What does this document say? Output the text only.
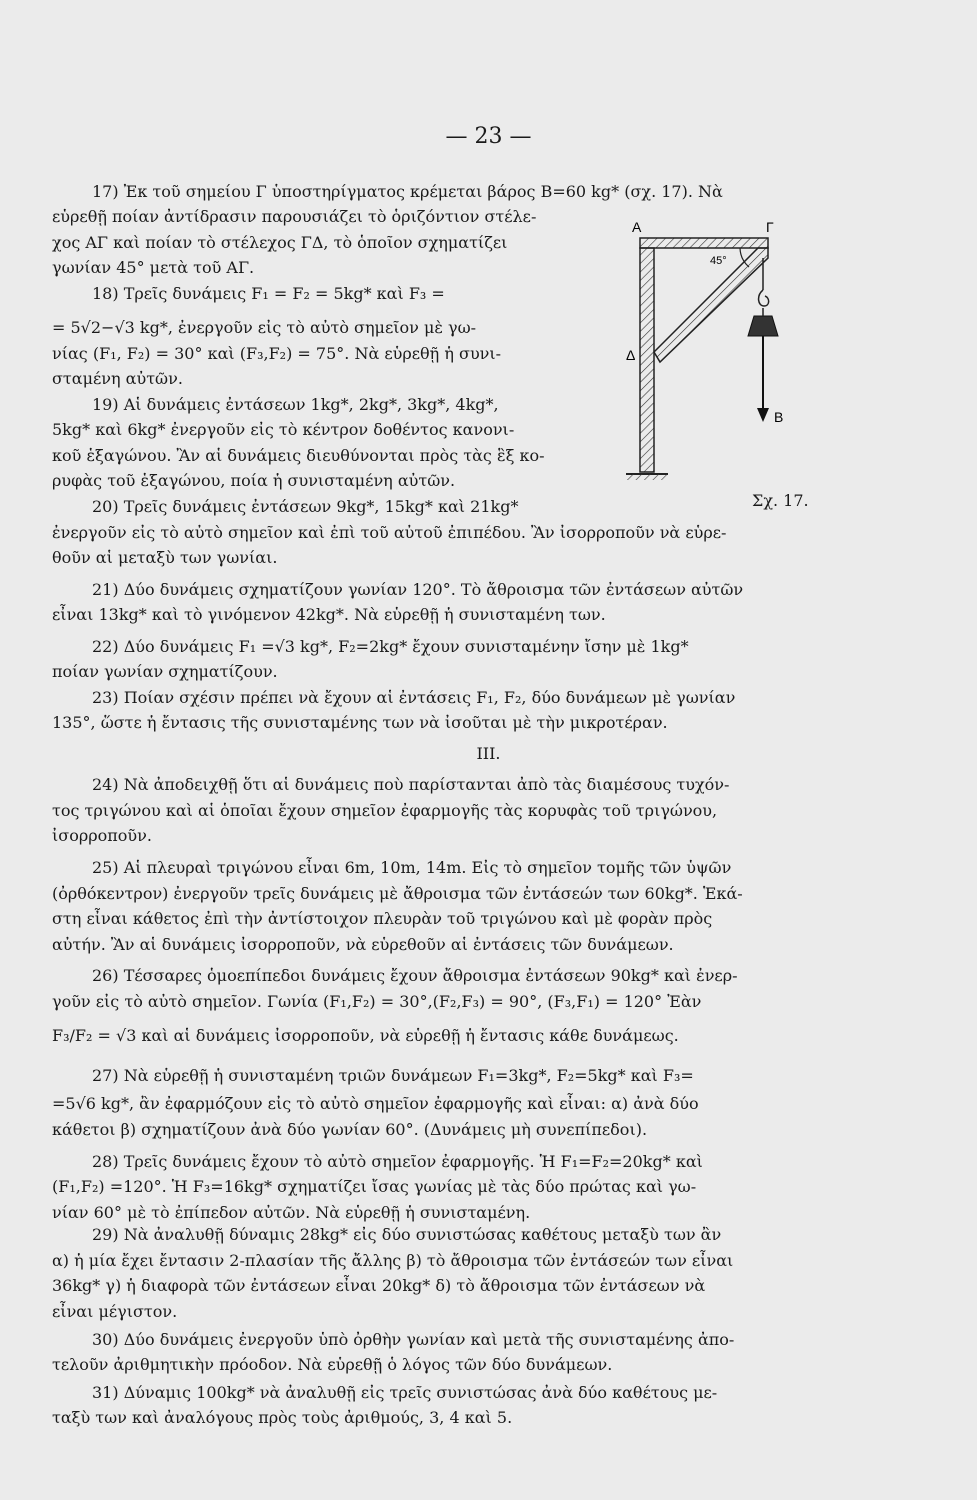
— 23 —
17) Ἐκ τοῦ σημείου Γ ὑποστηρίγματος κρέμεται βάρος Β=60 kg* (σχ. 17). Νὰ
εὑρεθῇ ποίαν ἀντίδρασιν παρουσιάζει τὸ ὁριζόντιον στέλε-
χος ΑΓ καὶ ποίαν τὸ στέλεχος ΓΔ, τὸ ὁποῖον σχηματίζει
γωνίαν 45° μετὰ τοῦ ΑΓ.
18) Τρεῖς δυνάμεις F₁ = F₂ = 5kg* καὶ F₃ =
= 5√2−√3 kg*, ἐνεργοῦν εἰς τὸ αὐτὸ σημεῖον μὲ γω-
νίας (F₁, F₂) = 30° καὶ (F₃,F₂) = 75°. Νὰ εὑρεθῇ ἡ συνι-
σταμένη αὐτῶν.
19) Αἱ δυνάμεις ἐντάσεων 1kg*, 2kg*, 3kg*, 4kg*,
5kg* καὶ 6kg* ἐνεργοῦν εἰς τὸ κέντρον δοθέντος κανονι-
κοῦ ἑξαγώνου. Ἂν αἱ δυνάμεις διευθύνονται πρὸς τὰς ἓξ κο-
ρυφὰς τοῦ ἑξαγώνου, ποία ἡ συνισταμένη αὐτῶν.
20) Τρεῖς δυνάμεις ἐντάσεων 9kg*, 15kg* καὶ 21kg*
ἐνεργοῦν εἰς τὸ αὐτὸ σημεῖον καὶ ἐπὶ τοῦ αὐτοῦ ἐπιπέδου. Ἂν ἰσορροποῦν νὰ εὑρε-
θοῦν αἱ μεταξὺ των γωνίαι.
21) Δύο δυνάμεις σχηματίζουν γωνίαν 120°. Τὸ ἄθροισμα τῶν ἐντάσεων αὐτῶν
εἶναι 13kg* καὶ τὸ γινόμενον 42kg*. Νὰ εὑρεθῇ ἡ συνισταμένη των.
22) Δύο δυνάμεις F₁ =√3 kg*, F₂=2kg* ἔχουν συνισταμένην ἴσην μὲ 1kg*
ποίαν γωνίαν σχηματίζουν.
23) Ποίαν σχέσιν πρέπει νὰ ἔχουν αἱ ἐντάσεις F₁, F₂, δύο δυνάμεων μὲ γωνίαν
135°, ὥστε ἡ ἔντασις τῆς συνισταμένης των νὰ ἰσοῦται μὲ τὴν μικροτέραν.
ΙΙΙ.
24) Νὰ ἀποδειχθῇ ὅτι αἱ δυνάμεις ποὺ παρίστανται ἀπὸ τὰς διαμέσους τυχόν-
τος τριγώνου καὶ αἱ ὁποῖαι ἔχουν σημεῖον ἐφαρμογῆς τὰς κορυφὰς τοῦ τριγώνου,
ἰσορροποῦν.
25) Αἱ πλευραὶ τριγώνου εἶναι 6m, 10m, 14m. Εἰς τὸ σημεῖον τομῆς τῶν ὑψῶν
(ὀρθόκεντρον) ἐνεργοῦν τρεῖς δυνάμεις μὲ ἄθροισμα τῶν ἐντάσεών των 60kg*. Ἑκά-
στη εἶναι κάθετος ἐπὶ τὴν ἀντίστοιχον πλευρὰν τοῦ τριγώνου καὶ μὲ φορὰν πρὸς
αὐτήν. Ἂν αἱ δυνάμεις ἰσορροποῦν, νὰ εὑρεθοῦν αἱ ἐντάσεις τῶν δυνάμεων.
26) Τέσσαρες ὁμοεπίπεδοι δυνάμεις ἔχουν ἄθροισμα ἐντάσεων 90kg* καὶ ἐνερ-
γοῦν εἰς τὸ αὐτὸ σημεῖον. Γωνία (F₁,F₂) = 30°,(F₂,F₃) = 90°, (F₃,F₁) = 120° Ἐὰν
F₃/F₂ = √3 καὶ αἱ δυνάμεις ἰσορροποῦν, νὰ εὑρεθῇ ἡ ἔντασις κάθε δυνάμεως.
27) Νὰ εὑρεθῇ ἡ συνισταμένη τριῶν δυνάμεων F₁=3kg*, F₂=5kg* καὶ F₃=
=5√6 kg*, ἂν ἐφαρμόζουν εἰς τὸ αὐτὸ σημεῖον ἐφαρμογῆς καὶ εἶναι: α) ἀνὰ δύο
κάθετοι β) σχηματίζουν ἀνὰ δύο γωνίαν 60°. (Δυνάμεις μὴ συνεπίπεδοι).
28) Τρεῖς δυνάμεις ἔχουν τὸ αὐτὸ σημεῖον ἐφαρμογῆς. Ἡ F₁=F₂=20kg* καὶ
(F₁,F₂) =120°. Ἡ F₃=16kg* σχηματίζει ἴσας γωνίας μὲ τὰς δύο πρώτας καὶ γω-
νίαν 60° μὲ τὸ ἐπίπεδον αὐτῶν. Νὰ εὑρεθῇ ἡ συνισταμένη.
29) Νὰ ἀναλυθῇ δύναμις 28kg* εἰς δύο συνιστώσας καθέτους μεταξὺ των ἂν
α) ἡ μία ἔχει ἔντασιν 2-πλασίαν τῆς ἄλλης β) τὸ ἄθροισμα τῶν ἐντάσεών των εἶναι
36kg* γ) ἡ διαφορὰ τῶν ἐντάσεων εἶναι 20kg* δ) τὸ ἄθροισμα τῶν ἐντάσεων νὰ
εἶναι μέγιστον.
30) Δύο δυνάμεις ἐνεργοῦν ὑπὸ ὀρθὴν γωνίαν καὶ μετὰ τῆς συνισταμένης ἀπο-
τελοῦν ἀριθμητικὴν πρόοδον. Νὰ εὑρεθῇ ὁ λόγος τῶν δύο δυνάμεων.
31) Δύναμις 100kg* νὰ ἀναλυθῇ εἰς τρεῖς συνιστώσας ἀνὰ δύο καθέτους με-
ταξὺ των καὶ ἀναλόγους πρὸς τοὺς ἀριθμούς, 3, 4 καὶ 5.
A	Γ
Δ
B
45°
Σχ. 17.
